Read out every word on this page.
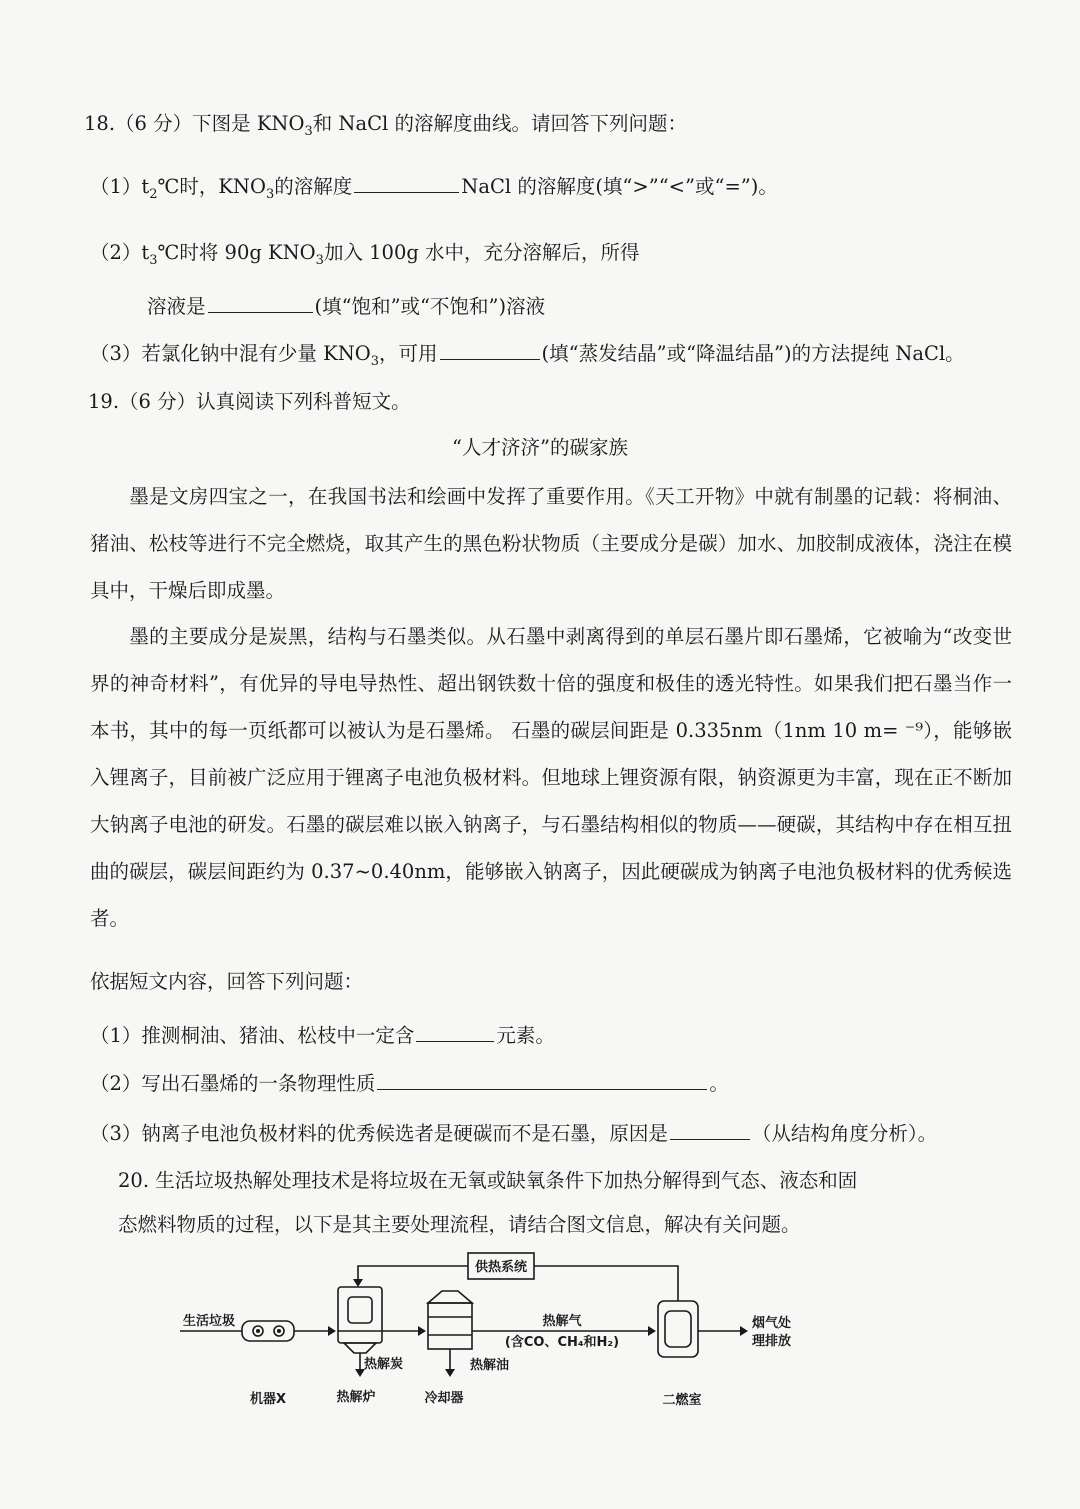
18.（6 分）下图是 $KNO_3$和 NaCl 的溶解度曲线。请回答下列问题：
$(1)t_2℃$时，$KNO_3$的溶解度	NaCl 的溶解度(填“>”“<”或“=”)。
$(2)t_3℃$时将 90g $KNO_3$加入 100g 水中，充分溶解后，所得
溶液是	(填“饱和”或“不饱和”)溶液
（3）若氯化钠中混有少量 $KNO_3$，可用	(填“蒸发结晶”或“降温结晶”)的方法提纯 NaCl。
19.（6 分）认真阅读下列科普短文。
“人才济济”的碳家族
墨是文房四宝之一，在我国书法和绘画中发挥了重要作用。《天工开物》中就有制墨的记载：将桐油、猪油、松枝等进行不完全燃烧，取其产生的黑色粉状物质（主要成分是碳）加水、加胶制成液体，浇注在模具中，干燥后即成墨。
墨的主要成分是炭黑，结构与石墨类似。从石墨中剥离得到的单层石墨片即石墨烯，它被喻为“改变世界的神奇材料”，有优异的导电导热性、超出钢铁数十倍的强度和极佳的透光特性。如果我们把石墨当作一本书，其中的每一页纸都可以被认为是石墨烯。 石墨的碳层间距是 0.335nm（1nm 10 m= ⁻⁹），能够嵌入锂离子，目前被广泛应用于锂离子电池负极材料。但地球上锂资源有限，钠资源更为丰富，现在正不断加大钠离子电池的研发。石墨的碳层难以嵌入钠离子，与石墨结构相似的物质——硬碳，其结构中存在相互扭曲的碳层，碳层间距约为 0.37~0.40nm，能够嵌入钠离子，因此硬碳成为钠离子电池负极材料的优秀候选者。
依据短文内容，回答下列问题：
（1）推测桐油、猪油、松枝中一定含	元素。
（2）写出石墨烯的一条物理性质	。
（3）钠离子电池负极材料的优秀候选者是硬碳而不是石墨，原因是	（从结构角度分析）。
20. 生活垃圾热解处理技术是将垃圾在无氧或缺氧条件下加热分解得到气态、液态和固
态燃料物质的过程，以下是其主要处理流程，请结合图文信息，解决有关问题。
供热系统
生活垃圾
热解炭	热解油
热解气
(含CO、CH₄和H₂)
烟气处
理排放
机器X	热解炉	冷却器	二燃室
